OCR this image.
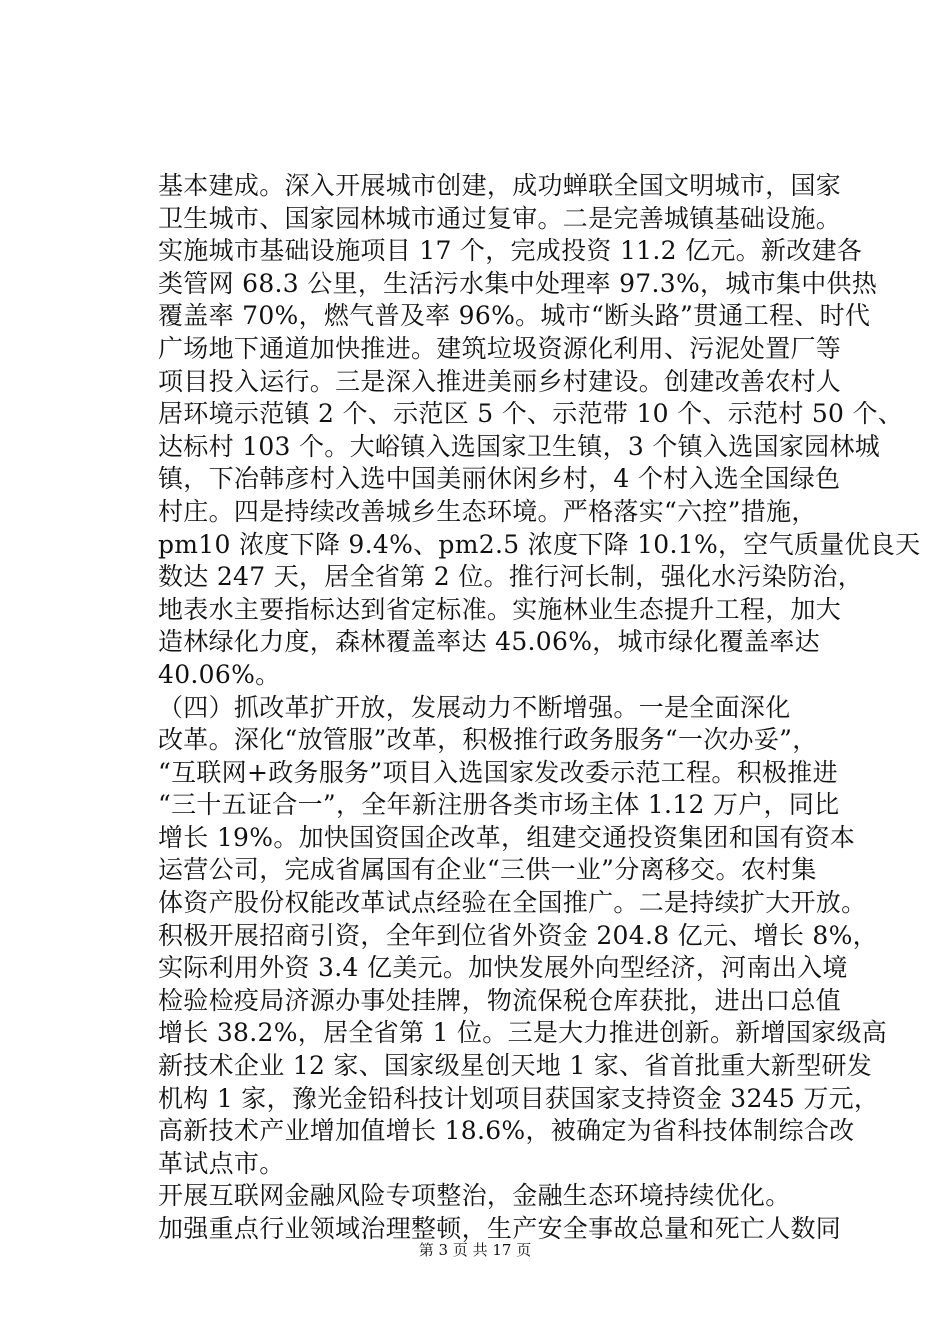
基本建成。深入开展城市创建，成功蝉联全国文明城市，国家
卫生城市、国家园林城市通过复审。二是完善城镇基础设施。
实施城市基础设施项目 17 个，完成投资 11.2 亿元。新改建各
类管网 68.3 公里，生活污水集中处理率 97.3%，城市集中供热
覆盖率 70%，燃气普及率 96%。城市“断头路”贯通工程、时代
广场地下通道加快推进。建筑垃圾资源化利用、污泥处置厂等
项目投入运行。三是深入推进美丽乡村建设。创建改善农村人
居环境示范镇 2 个、示范区 5 个、示范带 10 个、示范村 50 个、
达标村 103 个。大峪镇入选国家卫生镇，3 个镇入选国家园林城
镇，下冶韩彦村入选中国美丽休闲乡村，4 个村入选全国绿色
村庄。四是持续改善城乡生态环境。严格落实“六控”措施，
pm10 浓度下降 9.4%、pm2.5 浓度下降 10.1%，空气质量优良天
数达 247 天，居全省第 2 位。推行河长制，强化水污染防治，
地表水主要指标达到省定标准。实施林业生态提升工程，加大
造林绿化力度，森林覆盖率达 45.06%，城市绿化覆盖率达
40.06%。
（四）抓改革扩开放，发展动力不断增强。一是全面深化
改革。深化“放管服”改革，积极推行政务服务“一次办妥”，
“互联网+政务服务”项目入选国家发改委示范工程。积极推进
“三十五证合一”，全年新注册各类市场主体 1.12 万户，同比
增长 19%。加快国资国企改革，组建交通投资集团和国有资本
运营公司，完成省属国有企业“三供一业”分离移交。农村集
体资产股份权能改革试点经验在全国推广。二是持续扩大开放。
积极开展招商引资，全年到位省外资金 204.8 亿元、增长 8%，
实际利用外资 3.4 亿美元。加快发展外向型经济，河南出入境
检验检疫局济源办事处挂牌，物流保税仓库获批，进出口总值
增长 38.2%，居全省第 1 位。三是大力推进创新。新增国家级高
新技术企业 12 家、国家级星创天地 1 家、省首批重大新型研发
机构 1 家，豫光金铅科技计划项目获国家支持资金 3245 万元，
高新技术产业增加值增长 18.6%，被确定为省科技体制综合改
革试点市。
开展互联网金融风险专项整治，金融生态环境持续优化。
加强重点行业领域治理整顿，生产安全事故总量和死亡人数同
第 3 页 共 17 页
